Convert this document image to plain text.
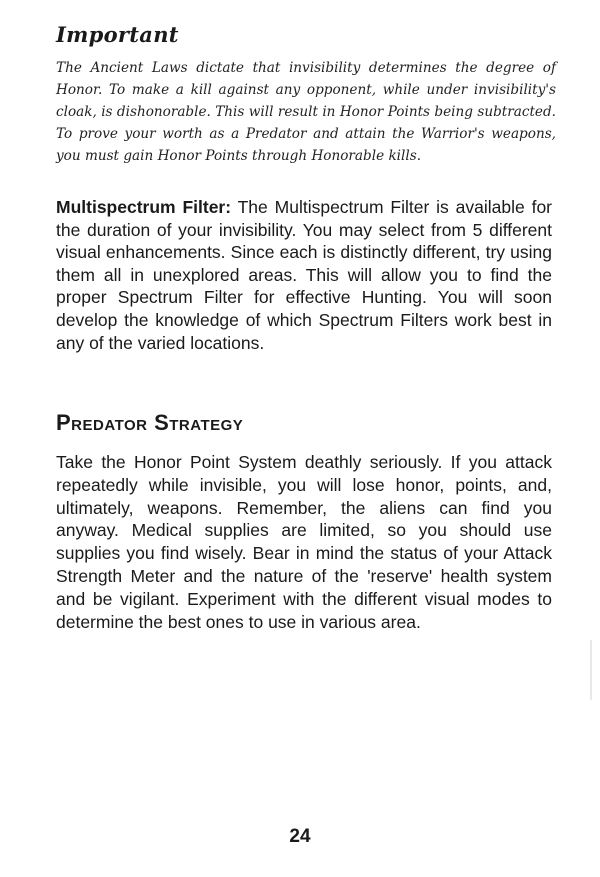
Important

The Ancient Laws dictate that invisibility determines the degree of Honor. To make a kill against any opponent, while under invisibility's cloak, is dishonorable. This will result in Honor Points being subtracted. To prove your worth as a Predator and attain the Warrior's weapons, you must gain Honor Points through Honorable kills.

Multispectrum Filter: The Multispectrum Filter is available for the duration of your invisibility. You may select from 5 different visual enhancements. Since each is distinctly different, try using them all in unexplored areas. This will allow you to find the proper Spectrum Filter for effective Hunting. You will soon develop the knowledge of which Spectrum Filters work best in any of the varied locations.

Predator Strategy

Take the Honor Point System deathly seriously. If you attack repeatedly while invisible, you will lose honor, points, and, ultimately, weapons. Remember, the aliens can find you anyway. Medical supplies are limited, so you should use supplies you find wisely. Bear in mind the status of your Attack Strength Meter and the nature of the 'reserve' health system and be vigilant. Experiment with the different visual modes to determine the best ones to use in various area.

24
